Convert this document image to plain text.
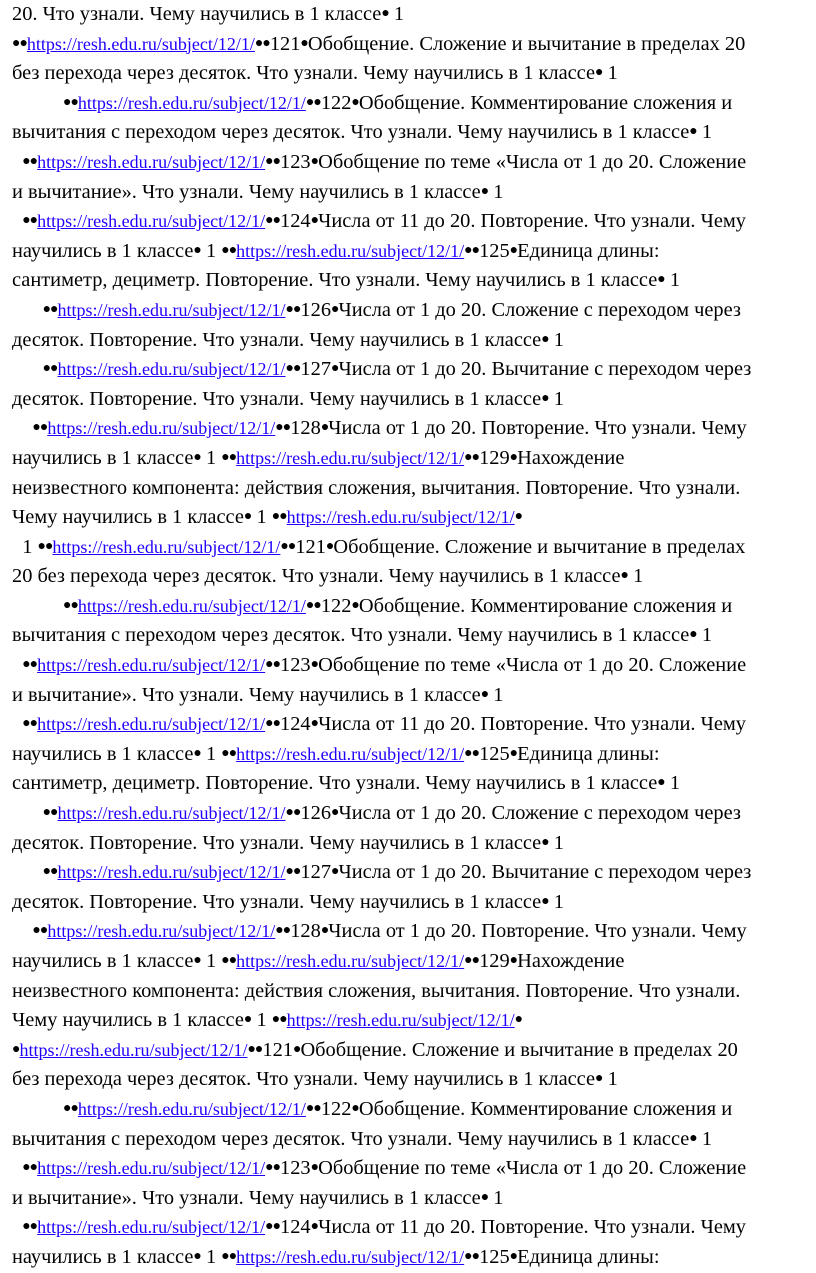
20. Что узнали. Чему научились в 1 классе● 1
●●https://resh.edu.ru/subject/12/1/●●121●Обобщение. Сложение и вычитание в пределах 20
без перехода через десяток. Что узнали. Чему научились в 1 классе● 1
●●https://resh.edu.ru/subject/12/1/●●122●Обобщение. Комментирование сложения и
вычитания с переходом через десяток. Что узнали. Чему научились в 1 классе● 1
●●https://resh.edu.ru/subject/12/1/●●123●Обобщение по теме «Числа от 1 до 20. Сложение
и вычитание». Что узнали. Чему научились в 1 классе● 1
●●https://resh.edu.ru/subject/12/1/●●124●Числа от 11 до 20. Повторение. Что узнали. Чему
научились в 1 классе● 1 ●●https://resh.edu.ru/subject/12/1/●●125●Единица длины:
сантиметр, дециметр. Повторение. Что узнали. Чему научились в 1 классе● 1
●●https://resh.edu.ru/subject/12/1/●●126●Числа от 1 до 20. Сложение с переходом через
десяток. Повторение. Что узнали. Чему научились в 1 классе● 1
●●https://resh.edu.ru/subject/12/1/●●127●Числа от 1 до 20. Вычитание с переходом через
десяток. Повторение. Что узнали. Чему научились в 1 классе● 1
●●https://resh.edu.ru/subject/12/1/●●128●Числа от 1 до 20. Повторение. Что узнали. Чему
научились в 1 классе● 1 ●●https://resh.edu.ru/subject/12/1/●●129●Нахождение
неизвестного компонента: действия сложения, вычитания. Повторение. Что узнали.
Чему научились в 1 классе● 1 ●●https://resh.edu.ru/subject/12/1/●
1 ●●https://resh.edu.ru/subject/12/1/●●121●Обобщение. Сложение и вычитание в пределах
20 без перехода через десяток. Что узнали. Чему научились в 1 классе● 1
●●https://resh.edu.ru/subject/12/1/●●122●Обобщение. Комментирование сложения и
вычитания с переходом через десяток. Что узнали. Чему научились в 1 классе● 1
●●https://resh.edu.ru/subject/12/1/●●123●Обобщение по теме «Числа от 1 до 20. Сложение
и вычитание». Что узнали. Чему научились в 1 классе● 1
●●https://resh.edu.ru/subject/12/1/●●124●Числа от 11 до 20. Повторение. Что узнали. Чему
научились в 1 классе● 1 ●●https://resh.edu.ru/subject/12/1/●●125●Единица длины:
сантиметр, дециметр. Повторение. Что узнали. Чему научились в 1 классе● 1
●●https://resh.edu.ru/subject/12/1/●●126●Числа от 1 до 20. Сложение с переходом через
десяток. Повторение. Что узнали. Чему научились в 1 классе● 1
●●https://resh.edu.ru/subject/12/1/●●127●Числа от 1 до 20. Вычитание с переходом через
десяток. Повторение. Что узнали. Чему научились в 1 классе● 1
●●https://resh.edu.ru/subject/12/1/●●128●Числа от 1 до 20. Повторение. Что узнали. Чему
научились в 1 классе● 1 ●●https://resh.edu.ru/subject/12/1/●●129●Нахождение
неизвестного компонента: действия сложения, вычитания. Повторение. Что узнали.
Чему научились в 1 классе● 1 ●●https://resh.edu.ru/subject/12/1/●
●https://resh.edu.ru/subject/12/1/●●121●Обобщение. Сложение и вычитание в пределах 20
без перехода через десяток. Что узнали. Чему научились в 1 классе● 1
●●https://resh.edu.ru/subject/12/1/●●122●Обобщение. Комментирование сложения и
вычитания с переходом через десяток. Что узнали. Чему научились в 1 классе● 1
●●https://resh.edu.ru/subject/12/1/●●123●Обобщение по теме «Числа от 1 до 20. Сложение
и вычитание». Что узнали. Чему научились в 1 классе● 1
●●https://resh.edu.ru/subject/12/1/●●124●Числа от 11 до 20. Повторение. Что узнали. Чему
научились в 1 классе● 1 ●●https://resh.edu.ru/subject/12/1/●●125●Единица длины:
